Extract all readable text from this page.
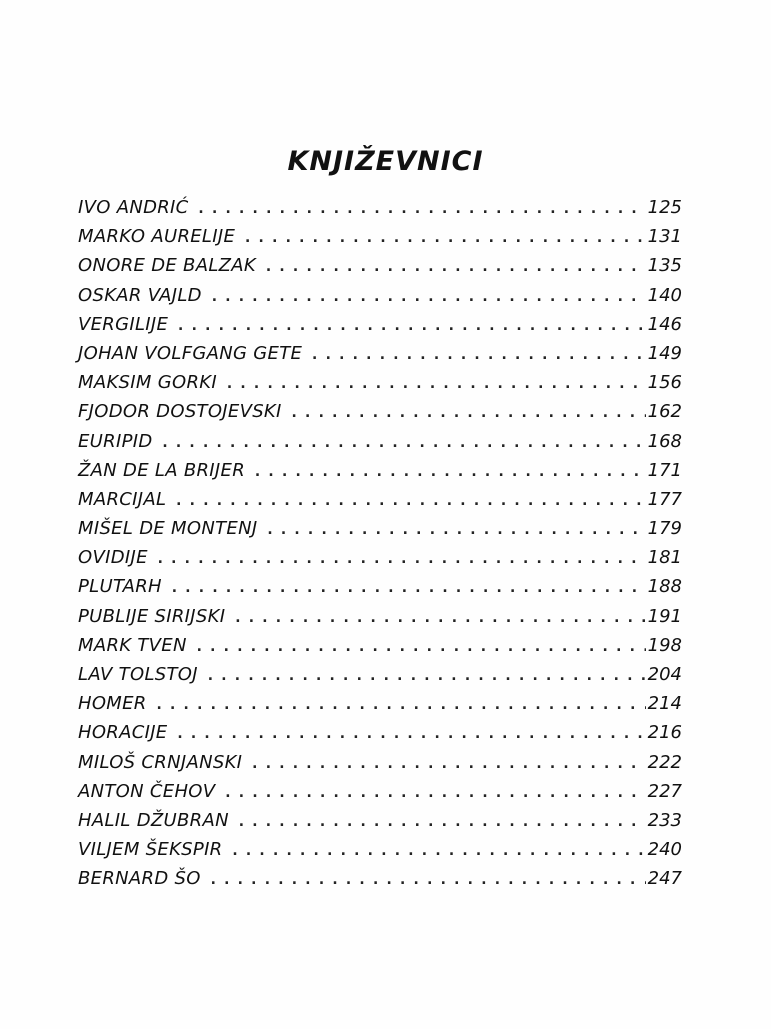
KNJIŽEVNICI
IVO ANDRIĆ .....	125
MARKO AURELIJE .....	131
ONORE DE BALZAK .....	135
OSKAR VAJLD .....	140
VERGILIJE .....	146
JOHAN VOLFGANG GETE .....	149
MAKSIM GORKI .....	156
FJODOR DOSTOJEVSKI .....	162
EURIPID .....	168
ŽAN DE LA BRIJER .....	171
MARCIJAL .....	177
MIŠEL DE MONTENJ .....	179
OVIDIJE .....	181
PLUTARH .....	188
PUBLIJE SIRIJSKI .....	191
MARK TVEN .....	198
LAV TOLSTOJ .....	204
HOMER .....	214
HORACIJE .....	216
MILOŠ CRNJANSKI .....	222
ANTON ČEHOV .....	227
HALIL DŽUBRAN .....	233
VILJEM ŠEKSPIR .....	240
BERNARD ŠO .....	247
